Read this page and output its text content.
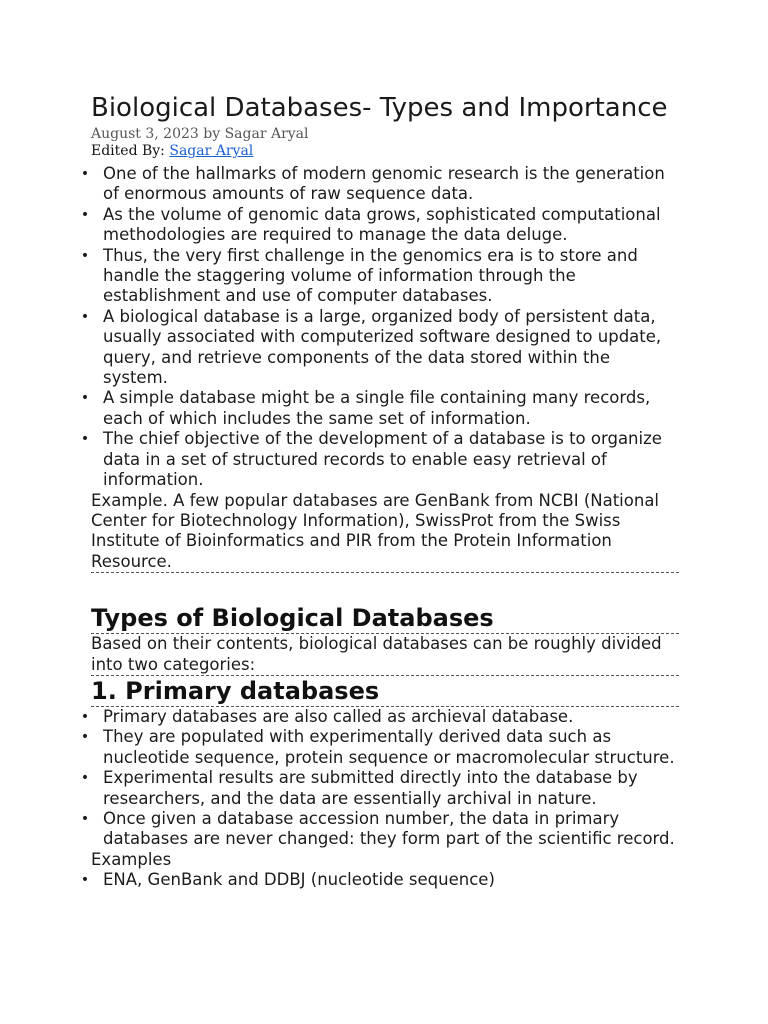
Biological Databases- Types and Importance

August 3, 2023 by Sagar Aryal

Edited By: Sagar Aryal

• One of the hallmarks of modern genomic research is the generation of enormous amounts of raw sequence data.
• As the volume of genomic data grows, sophisticated computational methodologies are required to manage the data deluge.
• Thus, the very first challenge in the genomics era is to store and handle the staggering volume of information through the establishment and use of computer databases.
• A biological database is a large, organized body of persistent data, usually associated with computerized software designed to update, query, and retrieve components of the data stored within the system.
• A simple database might be a single file containing many records, each of which includes the same set of information.
• The chief objective of the development of a database is to organize data in a set of structured records to enable easy retrieval of information.

Example. A few popular databases are GenBank from NCBI (National Center for Biotechnology Information), SwissProt from the Swiss Institute of Bioinformatics and PIR from the Protein Information Resource.

Types of Biological Databases

Based on their contents, biological databases can be roughly divided into two categories:

1. Primary databases
• Primary databases are also called as archieval database.
• They are populated with experimentally derived data such as nucleotide sequence, protein sequence or macromolecular structure.
• Experimental results are submitted directly into the database by researchers, and the data are essentially archival in nature.
• Once given a database accession number, the data in primary databases are never changed: they form part of the scientific record.

Examples

• ENA, GenBank and DDBJ (nucleotide sequence)
